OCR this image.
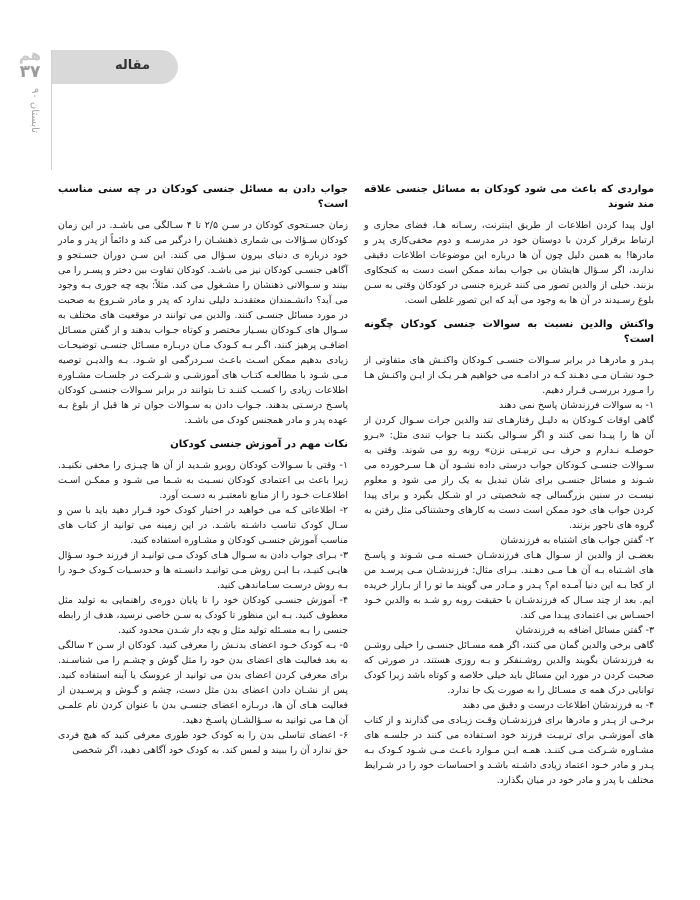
هم
۳۷
تابستان ۹۰
مقاله
مواردی که باعث می شود کودکان به مسائل جنسی علاقه مند شوند

اول پیدا کردن اطلاعات از طریق اینترنت، رسـانه هـا، فضای مجازی و ارتباط برقرار کردن با دوستان خود در مدرسـه و دوم مخفی‌کاری پدر و مادرها! به همین دلیل چون آن ها درباره این موضوعات اطلاعات دقیقی ندارند، اگر سـؤال هایشان بی جواب بماند ممکن است دست به کنجکاوی بزنند. خیلی از والدین تصور می کنند غریزه جنسی در کودکان وقتی به سـن بلوغ رسـیدند در آن ها به وجود می آید که این تصور غلطی است.

واکنش والدین نسبت به سوالات جنسی کودکان چگونه است؟

پـدر و مادرهـا در برابر سـوالات جنسـی کـودکان واکنـش های متفاوتی از خـود نشـان مـی دهـند کـه در ادامـه می خواهیم هـر یـک از ایـن واکنـش هـا را مـورد بررسـی قـرار دهیم.

۱- به سوالات فرزندشان پاسخ نمی دهند

گاهی اوقات کـودکان به دلیـل رفتارهـای تند والدین جرات سـوال کردن از آن ها را پیـدا نمی کنند و اگر سـوالی بکنند بـا جواب تندی مثل: «بـرو حوصلـه نـدارم و حرف بـی تربیـتی نزن» روبه رو می شوند. وقتی به سـوالات جنسـی کـودکان جواب درستی داده نشـود آن هـا سـرخورده می شـوند و مسائل جنسـی برای شان تبدیل به یک راز می شود و معلوم نیسـت در سنین بزرگسالی چه شخصیتی در او شـکل بگیرد و برای پیدا کردن جواب های خود ممکن است دست به کارهای وحشتناکی مثل رفتن به گروه های ناجور بزنند.

۲- گفتن جواب های اشتباه به فرزندشان

بعضـی از والدین از سـوال هـای فرزندشـان خسـته مـی شـوند و پاسـخ های اشـتباه بـه آن هـا مـی دهـند. بـرای مثال: فرزندشـان مـی پرسـد من از کجا بـه این دنیا آمـده ام؟ پـدر و مـادر می گویند ما تو را از بـازار خریده ایم. بعد از چند سـال که فرزندشـان با حقیقت روبه رو شـد به والدین خـود احسـاس بی اعتمادی پیـدا می کند.

۳- گفتن مسائل اضافه به فرزندشان

گاهی برخی والدین گمان می کنند، اگر همه مسـائل جنسـی را خیلی روشـن به فرزندشان بگویند والدین روشـنفکر و بـه روزی هستند. در صورتی که صحبت کردن در مورد این مسائل باید خیلی خلاصه و کوتاه باشد زیرا کودک توانایی درک همه ی مسـائل را به صورت یک جا ندارد.

۴- به فرزندشان اطلاعات درست و دقیق می دهند

برخـی از پـدر و مادرها برای فرزندشـان وقـت زیـادی می گذارند و از کتاب های آموزشـی برای تربیـت فرزند خود اسـتفاده می کنند در جلسـه های مشـاوره شـرکت مـی کننـد. همـه ایـن مـوارد باعـث مـی شـود کـودک بـه پـدر و مادر خـود اعتماد زیادی داشـته باشـد و احساسات خود را در شـرایط مختلف با پدر و مادر خود در میان بگذارد.

جواب دادن به مسائل جنسی کودکان در چه سنی مناسب است؟

زمان جسـتجوی کودکان در سـن ۲/۵ تا ۴ سـالگی می باشـد. در این زمان کودکان سـؤالات بی شماری ذهنشـان را درگیر می کند و دائماً از پدر و مادر خود درباره ی دنیای بیرون سـؤال می کنند. این سـن دوران جسـتجو و آگاهی جنسـی کودکان نیز می باشـد. کودکان تفاوت بین دختر و پسـر را می بینند و سـوالاتی ذهنشان را مشـغول می کند. مثلاً: بچه چه جوری بـه وجود می آید؟ دانشـمندان معتقدنـد دلیلی ندارد که پدر و مادر شـروع به صحبت در مورد مسائل جنسـی کنند. والدین می توانند در موقعیت های مختلف به سـوال های کـودکان بسـیار مختصر و کوتاه جـواب بدهند و از گفتن مسـائل اضافـی پرهیز کنند. اگـر بـه کـودک مـان دربـاره مسـائل جنسـی توضیحـات زیادی بدهیم ممکن اسـت باعـث سـردرگمی او شـود. بـه والدیـن توصیه مـی شـود با مطالعـه کتـاب های آموزشـی و شـرکت در جلسـات مشـاوره اطلاعات زیادی را کسـب کننـد تـا بتوانند در برابر سـوالات جنسـی کودکان پاسـخ درسـتی بدهند. جـواب دادن به سـوالات جوان تر ها قبل از بلوغ بـه عهده پدر و مادر همجنس کودک می باشـد.

نکات مهم در آموزش جنسی کودکان

۱- وقتی با سـوالات کودکان روبرو شـدید از آن ها چیـزی را مخفی نکنیـد. زیرا باعث بی اعتمادی کودکان نسـبت به شـما می شـود و ممکـن اسـت اطلاعـات خـود را از منابع نامعتبـر به دسـت آورد.

۲- اطلاعاتی کـه می خواهید در اختیار کودک خود قـرار دهید باید با سن و سـال کودک تناسب داشـته باشـد. در این زمینه می توانید از کتاب های مناسب آموزش جنسـی کودکان و مشـاوره استفاده کنید.

۳- بـرای جواب دادن به سـوال هـای کودک مـی توانیـد از فرزند خـود سـؤال هایـی کنیـد، بـا ایـن روش مـی توانیـد دانسـته ها و حدسـیات کـودک خـود را بـه روش درسـت سـاماندهی کنید.

۴- آموزش جنسـی کودکان خود را تا پایان دوره‌ی راهنمایی به تولید مثل معطوف کنید. بـه این منظور تا کودک به سـن خاصی نرسید، هدف از رابطه جنسی را بـه مسـئله تولید مثل و بچه دار شـدن محدود کنید.

۵- بـه کودک خـود اعضای بدنـش را معرفی کنید. کودکان از سـن ۲ سالگی به بعد فعالیت های اعضای بدن خود را مثل گوش و چشـم را می شناسـند. برای معرفی کردن اعضای بدن می توانید از عروسک یا آینه استفاده کنید. پس از نشـان دادن اعضای بدن مثل دست، چشم و گـوش و پرسـیدن از فعالیت هـای آن ها، دربـاره اعضای جنسـی بدن با عنوان کردن نام علمـی آن هـا می توانید به سـؤالشـان پاسـخ دهید.

۶- اعضای تناسلی بدن را به کودک خود طوری معرفی کنید که هیچ فردی حق ندارد آن را ببیند و لمس کند. به کودک خود آگاهی دهید، اگر شخصی
